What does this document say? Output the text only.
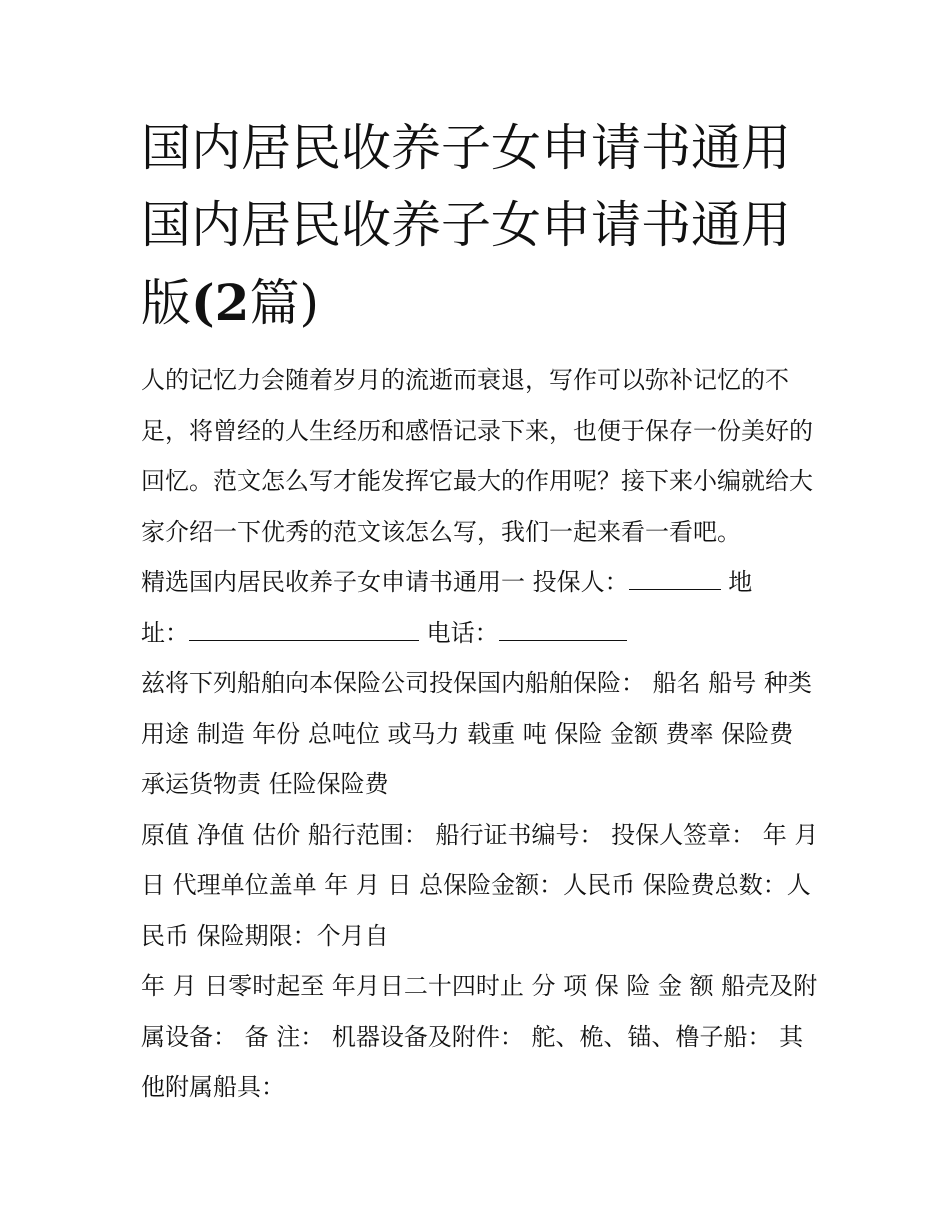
国内居民收养子女申请书通用
国内居民收养子女申请书通用
版(2篇)

人的记忆力会随着岁月的流逝而衰退，写作可以弥补记忆的不足，将曾经的人生经历和感悟记录下来，也便于保存一份美好的回忆。范文怎么写才能发挥它最大的作用呢？接下来小编就给大家介绍一下优秀的范文该怎么写，我们一起来看一看吧。

精选国内居民收养子女申请书通用一 投保人：	地
址：	电话：

兹将下列船舶向本保险公司投保国内船舶保险： 船名 船号 种类 用途 制造 年份 总吨位 或马力 载重 吨 保险 金额 费率 保险费 承运货物责 任险保险费

原值 净值 估价 船行范围： 船行证书编号： 投保人签章： 年 月 日 代理单位盖单 年 月 日 总保险金额：人民币 保险费总数：人民币 保险期限：个月自

年 月 日零时起至 年月日二十四时止 分 项 保 险 金 额 船壳及附属设备： 备 注： 机器设备及附件： 舵、桅、锚、橹子船： 其他附属船具：
